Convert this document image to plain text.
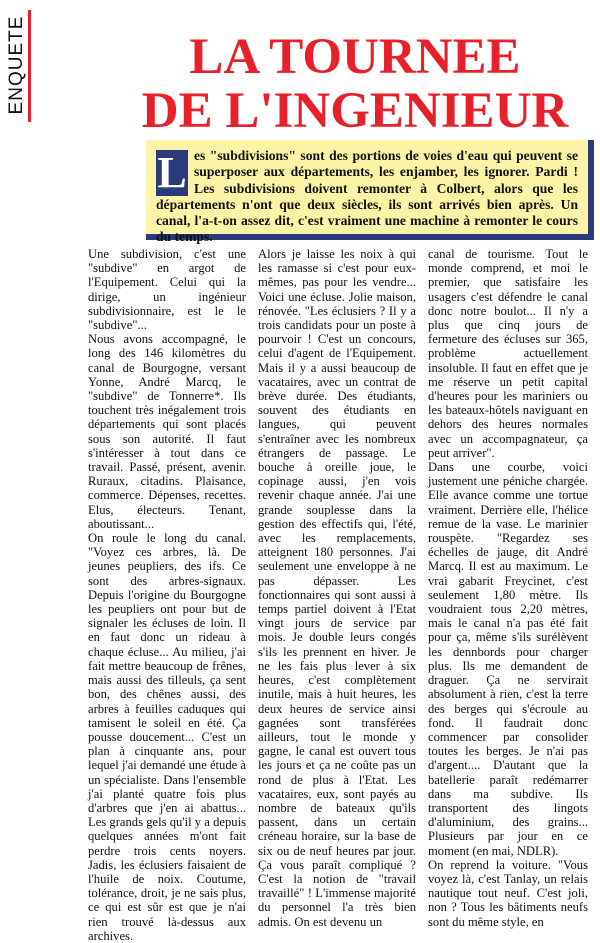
ENQUETE	LA TOURNEE
DE L'INGENIEUR
L es "subdivisions" sont des portions de voies d'eau qui peuvent se superposer aux départements, les enjamber, les ignorer. Pardi ! Les subdivisions doivent remonter à Colbert, alors que les départements n'ont que deux siècles, ils sont arrivés bien après. Un canal, l'a-t-on assez dit, c'est vraiment une machine à remonter le cours du temps.

Une subdivision, c'est une "subdive" en argot de l'Equipement. Celui qui la dirige, un ingénieur subdivisionnaire, est le le "subdive"...

Nous avons accompagné, le long des 146 kilomètres du canal de Bourgogne, versant Yonne, André Marcq, le "subdive" de Tonnerre*. Ils touchent très inégalement trois départements qui sont placés sous son autorité. Il faut s'intéresser à tout dans ce travail. Passé, présent, avenir. Ruraux, citadins. Plaisance, commerce. Dépenses, recettes. Elus, électeurs. Tenant, aboutissant...

On roule le long du canal. "Voyez ces arbres, là. De jeunes peupliers, des ifs. Ce sont des arbres-signaux. Depuis l'origine du Bourgogne les peupliers ont pour but de signaler les écluses de loin. Il en faut donc un rideau à chaque écluse... Au milieu, j'ai fait mettre beaucoup de frênes, mais aussi des tilleuls, ça sent bon, des chênes aussi, des arbres à feuilles caduques qui tamisent le soleil en été. Ça pousse doucement... C'est un plan à cinquante ans, pour lequel j'ai demandé une étude à un spécialiste. Dans l'ensemble j'ai planté quatre fois plus d'arbres que j'en ai abattus... Les grands gels qu'il y a depuis quelques années m'ont fait perdre trois cents noyers. Jadis, les éclusiers faisaient de l'huile de noix. Coutume, tolérance, droit, je ne sais plus, ce qui est sûr est que je n'ai rien trouvé là-dessus aux archives.

Alors je laisse les noix à qui les ramasse si c'est pour eux-mêmes, pas pour les vendre... Voici une écluse. Jolie maison, rénovée. "Les éclusiers ? Il y a trois candidats pour un poste à pourvoir ! C'est un concours, celui d'agent de l'Equipement. Mais il y a aussi beaucoup de vacataires, avec un contrat de brève durée. Des étudiants, souvent des étudiants en langues, qui peuvent s'entraîner avec les nombreux étrangers de passage. Le bouche à oreille joue, le copinage aussi, j'en vois revenir chaque année. J'ai une grande souplesse dans la gestion des effectifs qui, l'été, avec les remplacements, atteignent 180 personnes. J'ai seulement une enveloppe à ne pas dépasser. Les fonctionnaires qui sont aussi à temps partiel doivent à l'Etat vingt jours de service par mois. Je double leurs congés s'ils les prennent en hiver. Je ne les fais plus lever à six heures, c'est complètement inutile, mais à huit heures, les deux heures de service ainsi gagnées sont transférées ailleurs, tout le monde y gagne, le canal est ouvert tous les jours et ça ne coûte pas un rond de plus à l'Etat. Les vacataires, eux, sont payés au nombre de bateaux qu'ils passent, dans un certain créneau horaire, sur la base de six ou de neuf heures par jour. Ça vous paraît compliqué ? C'est la notion de "travail travaillé" ! L'immense majorité du personnel l'a très bien admis. On est devenu un

canal de tourisme. Tout le monde comprend, et moi le premier, que satisfaire les usagers c'est défendre le canal donc notre boulot... Il n'y a plus que cinq jours de fermeture des écluses sur 365, problème actuellement insoluble. Il faut en effet que je me réserve un petit capital d'heures pour les mariniers ou les bateaux-hôtels naviguant en dehors des heures normales avec un accompagnateur, ça peut arriver".

Dans une courbe, voici justement une péniche chargée. Elle avance comme une tortue vraiment. Derrière elle, l'hélice remue de la vase. Le marinier rouspète. "Regardez ses échelles de jauge, dit André Marcq. Il est au maximum. Le vrai gabarit Freycinet, c'est seulement 1,80 mètre. Ils voudraient tous 2,20 mètres, mais le canal n'a pas été fait pour ça, même s'ils surélèvent les dennbords pour charger plus. Ils me demandent de draguer. Ça ne servirait absolument à rien, c'est la terre des berges qui s'écroule au fond. Il faudrait donc commencer par consolider toutes les berges. Je n'ai pas d'argent.... D'autant que la batellerie paraît redémarrer dans ma subdive. Ils transportent des lingots d'aluminium, des grains... Plusieurs par jour en ce moment (en mai, NDLR).

On reprend la voiture. "Vous voyez là, c'est Tanlay, un relais nautique tout neuf. C'est joli, non ? Tous les bâtiments neufs sont du même style, en
